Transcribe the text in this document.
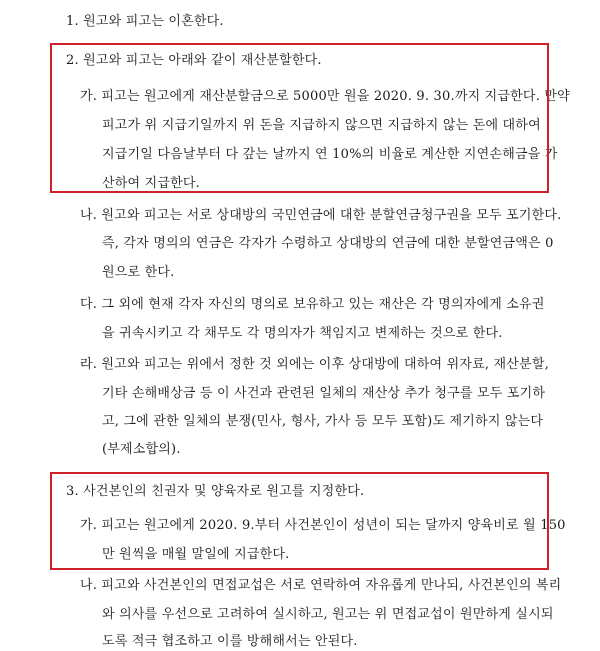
1. 원고와 피고는 이혼한다.
2. 원고와 피고는 아래와 같이 재산분할한다.
가. 피고는 원고에게 재산분할금으로 5000만 원을 2020. 9. 30.까지 지급한다. 만약
피고가 위 지급기일까지 위 돈을 지급하지 않으면 지급하지 않는 돈에 대하여
지급기일 다음날부터 다 갚는 날까지 연 10%의 비율로 계산한 지연손해금을 가
산하여 지급한다.
나. 원고와 피고는 서로 상대방의 국민연금에 대한 분할연금청구권을 모두 포기한다.
즉, 각자 명의의 연금은 각자가 수령하고 상대방의 연금에 대한 분할연금액은 0
원으로 한다.
다. 그 외에 현재 각자 자신의 명의로 보유하고 있는 재산은 각 명의자에게 소유권
을 귀속시키고 각 채무도 각 명의자가 책임지고 변제하는 것으로 한다.
라. 원고와 피고는 위에서 정한 것 외에는 이후 상대방에 대하여 위자료, 재산분할,
기타 손해배상금 등 이 사건과 관련된 일체의 재산상 추가 청구를 모두 포기하
고, 그에 관한 일체의 분쟁(민사, 형사, 가사 등 모두 포함)도 제기하지 않는다
(부제소합의).
3. 사건본인의 친권자 및 양육자로 원고를 지정한다.
가. 피고는 원고에게 2020. 9.부터 사건본인이 성년이 되는 달까지 양육비로 월 150
만 원씩을 매월 말일에 지급한다.
나. 피고와 사건본인의 면접교섭은 서로 연락하여 자유롭게 만나되, 사건본인의 복리
와 의사를 우선으로 고려하여 실시하고, 원고는 위 면접교섭이 원만하게 실시되
도록 적극 협조하고 이를 방해해서는 안된다.
